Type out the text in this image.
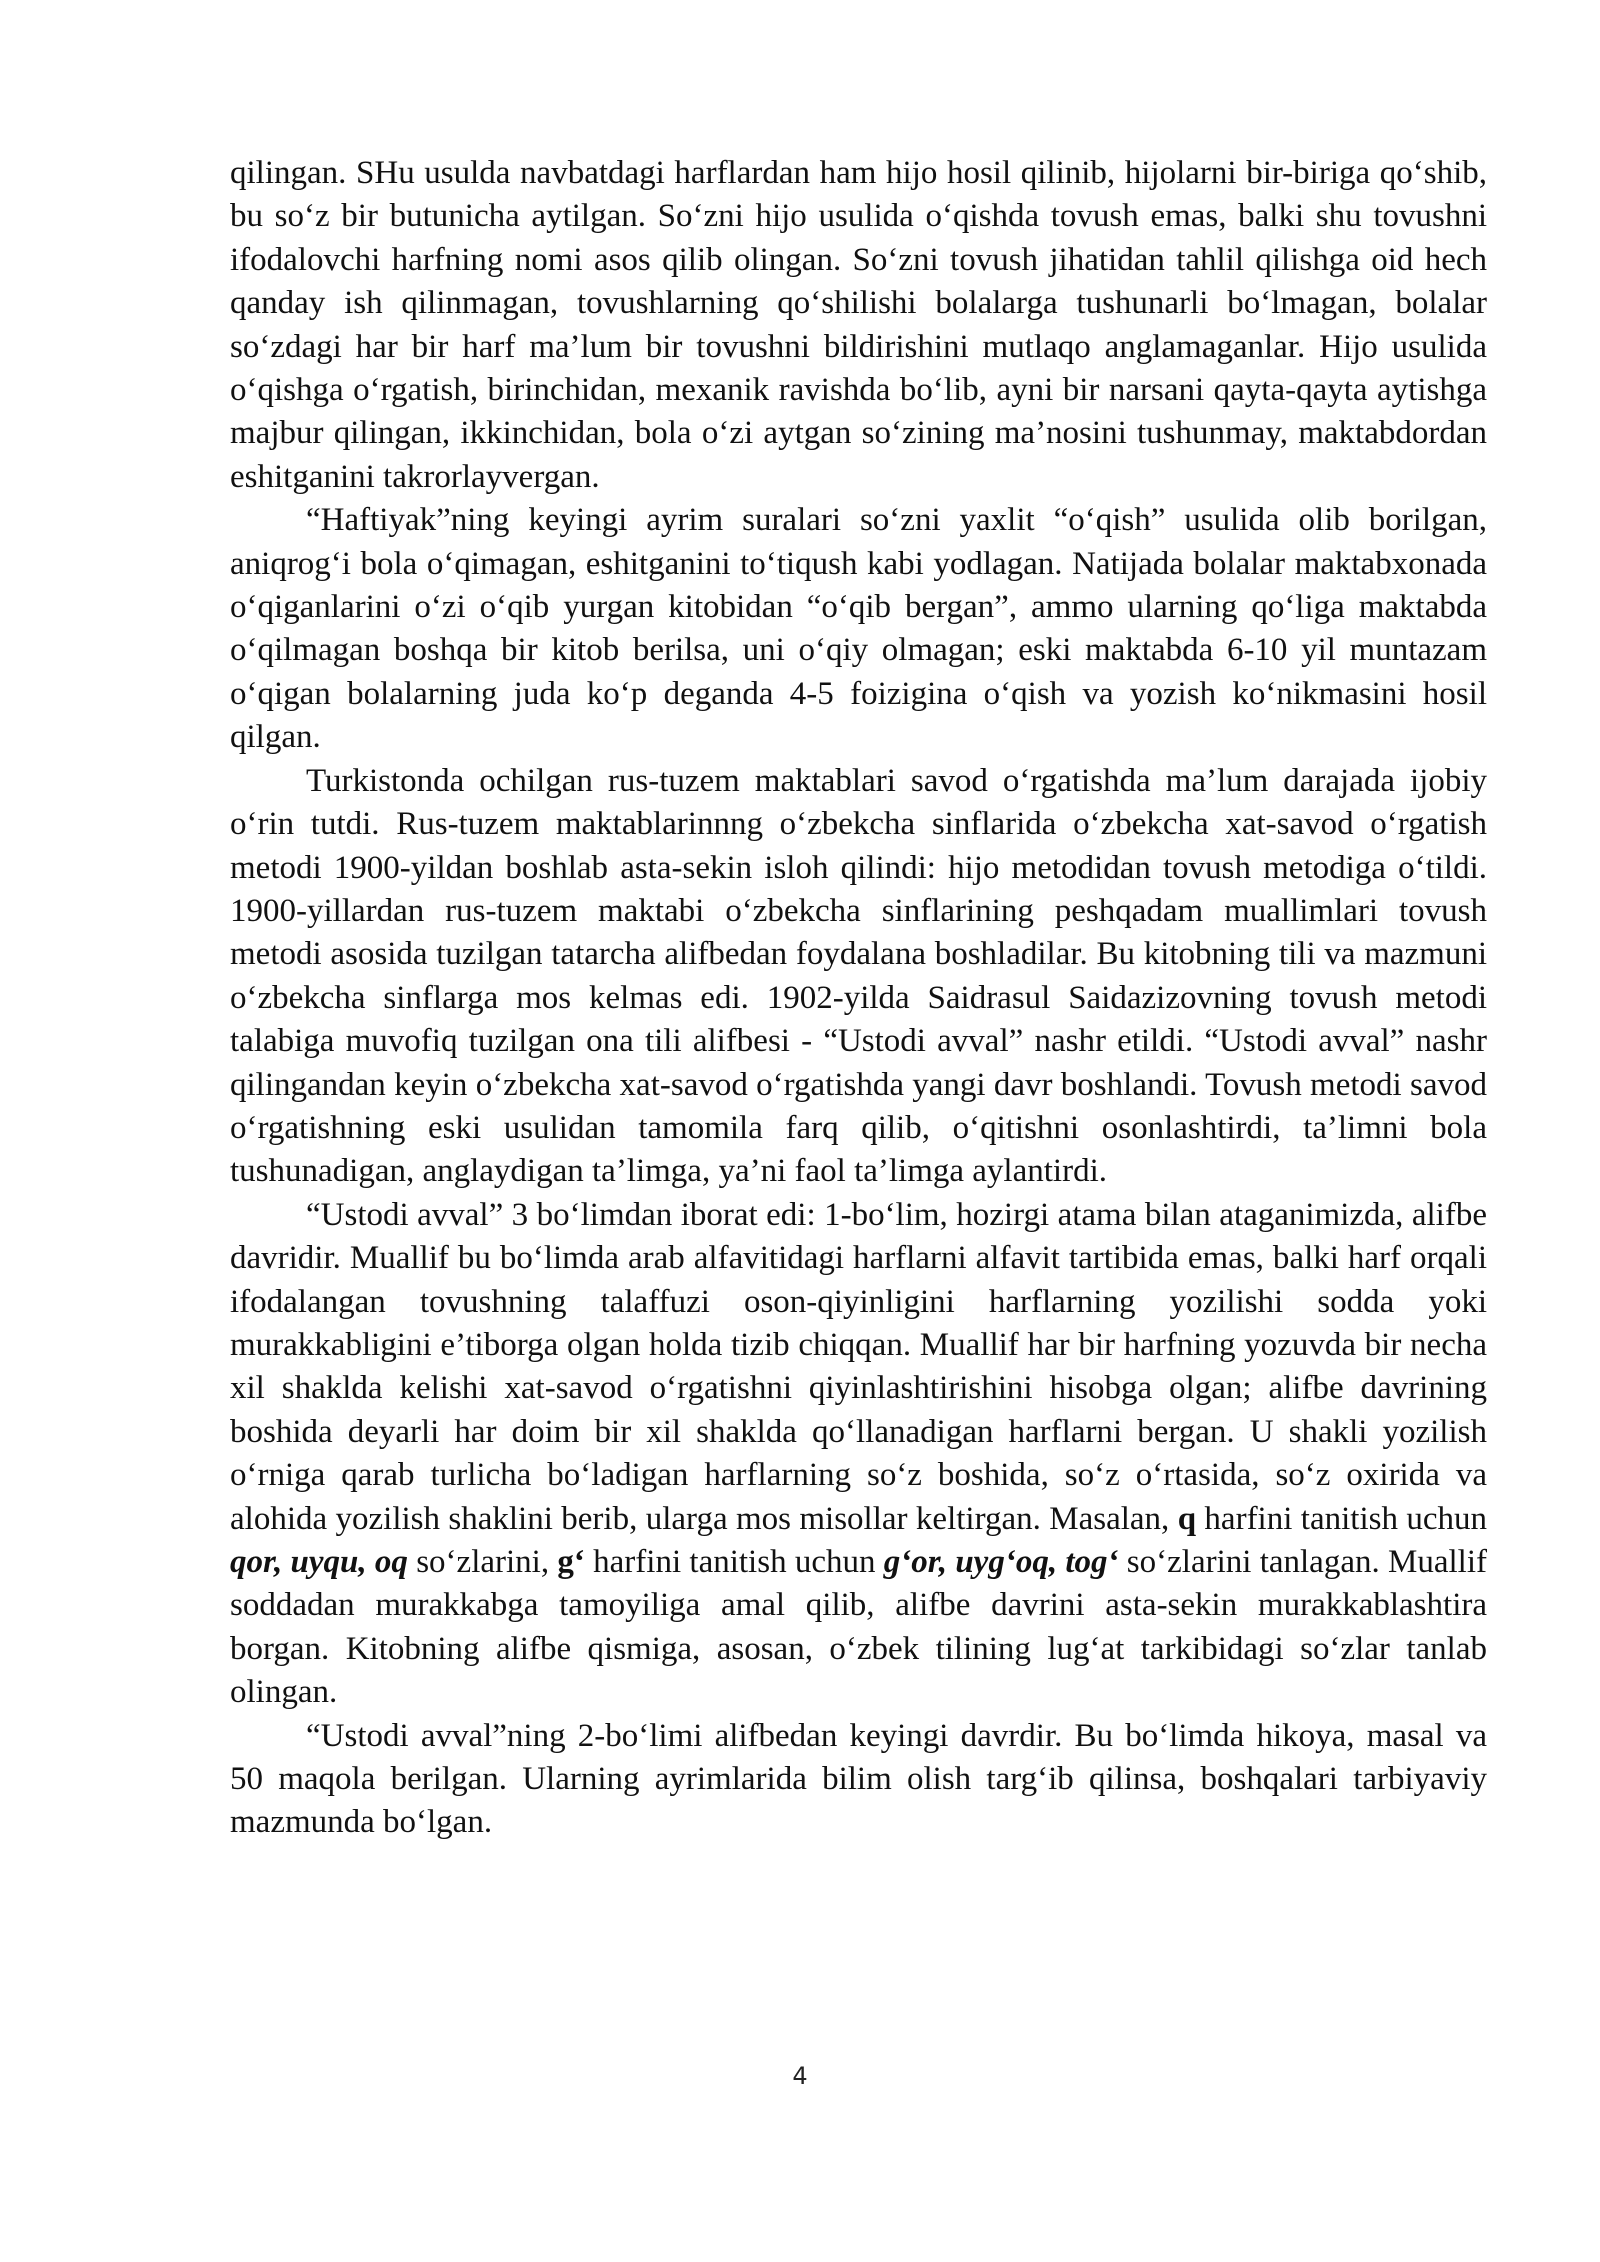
qilingan. SHu usulda navbatdagi harflardan ham hijo hosil qilinib, hijolarni bir-biriga qo‘shib, bu so‘z bir butunicha aytilgan. So‘zni hijo usulida o‘qishda tovush emas, balki shu tovushni ifodalovchi harfning nomi asos qilib olingan. So‘zni tovush jihatidan tahlil qilishga oid hech qanday ish qilinmagan, tovushlarning qo‘shilishi bolalarga tushunarli bo‘lmagan, bolalar so‘zdagi har bir harf ma’lum bir tovushni bildirishini mutlaqo anglamaganlar. Hijo usulida o‘qishga o‘rgatish, birinchidan, mexanik ravishda bo‘lib, ayni bir narsani qayta-qayta aytishga majbur qilingan, ikkinchidan, bola o‘zi aytgan so‘zining ma’nosini tushunmay, maktabdordan eshitganini takrorlayvergan.

“Haftiyak”ning keyingi ayrim suralari so‘zni yaxlit “o‘qish” usulida olib borilgan, aniqrog‘i bola o‘qimagan, eshitganini to‘tiqush kabi yodlagan. Natijada bolalar maktabxonada o‘qiganlarini o‘zi o‘qib yurgan kitobidan “o‘qib bergan”, ammo ularning qo‘liga maktabda o‘qilmagan boshqa bir kitob berilsa, uni o‘qiy olmagan; eski maktabda 6-10 yil muntazam o‘qigan bolalarning juda ko‘p deganda 4-5 foizigina o‘qish va yozish ko‘nikmasini hosil qilgan.

Turkistonda ochilgan rus-tuzem maktablari savod o‘rgatishda ma’lum darajada ijobiy o‘rin tutdi. Rus-tuzem maktablarinnng o‘zbekcha sinflarida o‘zbekcha xat-savod o‘rgatish metodi 1900-yildan boshlab asta-sekin isloh qilindi: hijo metodidan tovush metodiga o‘tildi. 1900-yillardan rus-tuzem maktabi o‘zbekcha sinflarining peshqadam muallimlari tovush metodi asosida tuzilgan tatarcha alifbedan foydalana boshladilar. Bu kitobning tili va mazmuni o‘zbekcha sinflarga mos kelmas edi. 1902-yilda Saidrasul Saidazizovning tovush metodi talabiga muvofiq tuzilgan ona tili alifbesi - “Ustodi avval” nashr etildi. “Ustodi avval” nashr qilingandan keyin o‘zbekcha xat-savod o‘rgatishda yangi davr boshlandi. Tovush metodi savod o‘rgatishning eski usulidan tamomila farq qilib, o‘qitishni osonlashtirdi, ta’limni bola tushunadigan, anglaydigan ta’limga, ya’ni faol ta’limga aylantirdi.

“Ustodi avval” 3 bo‘limdan iborat edi: 1-bo‘lim, hozirgi atama bilan ataganimizda, alifbe davridir. Muallif bu bo‘limda arab alfavitidagi harflarni alfavit tartibida emas, balki harf orqali ifodalangan tovushning talaffuzi oson-qiyinligini harflarning yozilishi sodda yoki murakkabligini e’tiborga olgan holda tizib chiqqan. Muallif har bir harfning yozuvda bir necha xil shaklda kelishi xat-savod o‘rgatishni qiyinlashtirishini hisobga olgan; alifbe davrining boshida deyarli har doim bir xil shaklda qo‘llanadigan harflarni bergan. U shakli yozilish o‘rniga qarab turlicha bo‘ladigan harflarning so‘z boshida, so‘z o‘rtasida, so‘z oxirida va alohida yozilish shaklini berib, ularga mos misollar keltirgan. Masalan, q harfini tanitish uchun qor, uyqu, oq so‘zlarini, g‘ harfini tanitish uchun g‘or, uyg‘oq, tog‘ so‘zlarini tanlagan. Muallif soddadan murakkabga tamoyiliga amal qilib, alifbe davrini asta-sekin murakkablashtira borgan. Kitobning alifbe qismiga, asosan, o‘zbek tilining lug‘at tarkibidagi so‘zlar tanlab olingan.

“Ustodi avval”ning 2-bo‘limi alifbedan keyingi davrdir. Bu bo‘limda hikoya, masal va 50 maqola berilgan. Ularning ayrimlarida bilim olish targ‘ib qilinsa, boshqalari tarbiyaviy mazmunda bo‘lgan.

4
